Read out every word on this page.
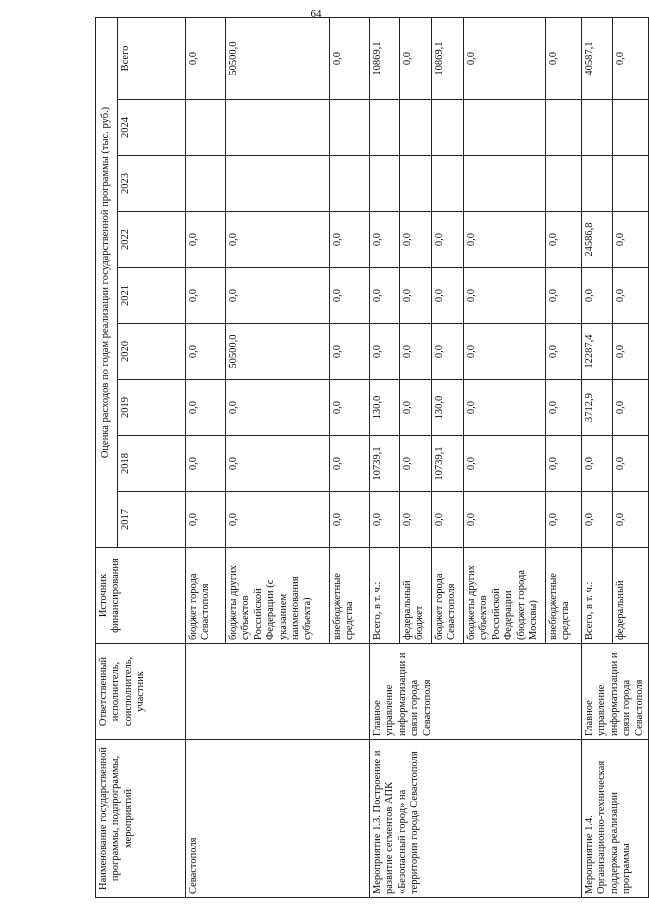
64
Наименование государственной программы, подпрограммы, мероприятий	Ответственный исполнитель, соисполнитель, участник	Источник финансирования	Оценка расходов по годам реализации государственной программы (тыс. руб.)								
			2017	2018	2019	2020	2021	2022	2023	2024	Всего
Севастополя		бюджет города Севастополя	0,0	0,0	0,0	0,0	0,0	0,0			0,0
		бюджеты других субъектов Российской Федерации (с указанием наименования субъекта)	0,0	0,0	0,0	50500,0	0,0	0,0			50500,0
		внебюджетные средства	0,0	0,0	0,0	0,0	0,0	0,0			0,0
Мероприятие 1.3. Построение и развитие сегментов АПК «Безопасный город» на территории города Севастополя	Главное управление информатизации и связи города Севастополя	Всего, в т. ч.:	0,0	10739,1	130,0	0,0	0,0	0,0			10869,1
		федеральный бюджет	0,0	0,0	0,0	0,0	0,0	0,0			0,0
		бюджет города Севастополя	0,0	10739,1	130,0	0,0	0,0	0,0			10869,1
		бюджеты других субъектов Российской Федерации (бюджет города Москвы)	0,0	0,0	0,0	0,0	0,0	0,0			0,0
		внебюджетные средства	0,0	0,0	0,0	0,0	0,0	0,0			0,0
Мероприятие 1.4. Организационно-техническая поддержка реализации программы	Главное управление информатизации и связи города Севастополя	Всего, в т. ч.:	0,0	0,0	3712,9	12287,4	0,0	24586,8			40587,1
		федеральный	0,0	0,0	0,0	0,0	0,0	0,0			0,0
